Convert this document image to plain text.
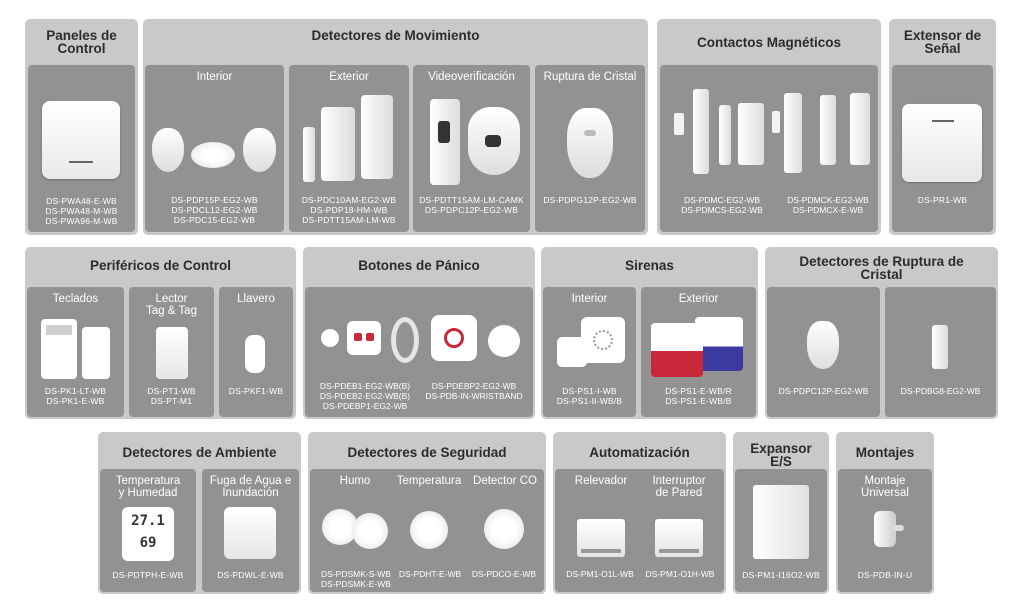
Paneles de Control
DS-PWA48-E-WB
DS-PWA48-M-WB
DS-PWA96-M-WB
Detectores de Movimiento
Interior
DS-PDP15P-EG2-WB
DS-PDCL12-EG2-WB
DS-PDC15-EG2-WB
Exterior
DS-PDC10AM-EG2-WB
DS-PDP18-HM-WB
DS-PDTT15AM-LM-WB
Videoverificación
DS-PDTT15AM-LM-CAMK
DS-PDPC12P-EG2-WB
Ruptura de Cristal
DS-PDPG12P-EG2-WB
Contactos Magnéticos
DS-PDMC-EG2-WB
DS-PDMCS-EG2-WB
DS-PDMCK-EG2-WB
DS-PDMCX-E-WB
Extensor de Señal
DS-PR1-WB
Periféricos de Control
Teclados
DS-PK1-LT-WB
DS-PK1-E-WB
Lector
Tag & Tag
DS-PT1-WB
DS-PT-M1
Llavero
DS-PKF1-WB
Botones de Pánico
DS-PDEB1-EG2-WB(B)
DS-PDEB2-EG2-WB(B)
DS-PDEBP1-EG2-WB
DS-PDEBP2-EG2-WB
DS-PDB-IN-WRISTBAND
Sirenas
Interior
DS-PS1-I-WB
DS-PS1-II-WB/B
Exterior
DS-PS1-E-WB/R
DS-PS1-E-WB/B
Detectores de Ruptura de Cristal
DS-PDPC12P-EG2-WB	DS-PDBG8-EG2-WB
Detectores de Ambiente
Temperatura
y Humedad
27.1
69
DS-PDTPH-E-WB
Fuga de Agua e
Inundación
DS-PDWL-E-WB
Detectores de Seguridad
Humo	Temperatura	Detector CO
DS-PDSMK-S-WB
DS-PDSMK-E-WB
DS-PDHT-E-WB	DS-PDCO-E-WB
Automatización
Relevador	Interruptor
de Pared
DS-PM1-O1L-WB	DS-PM1-O1H-WB
Expansor E/S
DS-PM1-I16O2-WB
Montajes
Montaje
Universal
DS-PDB-IN-U
